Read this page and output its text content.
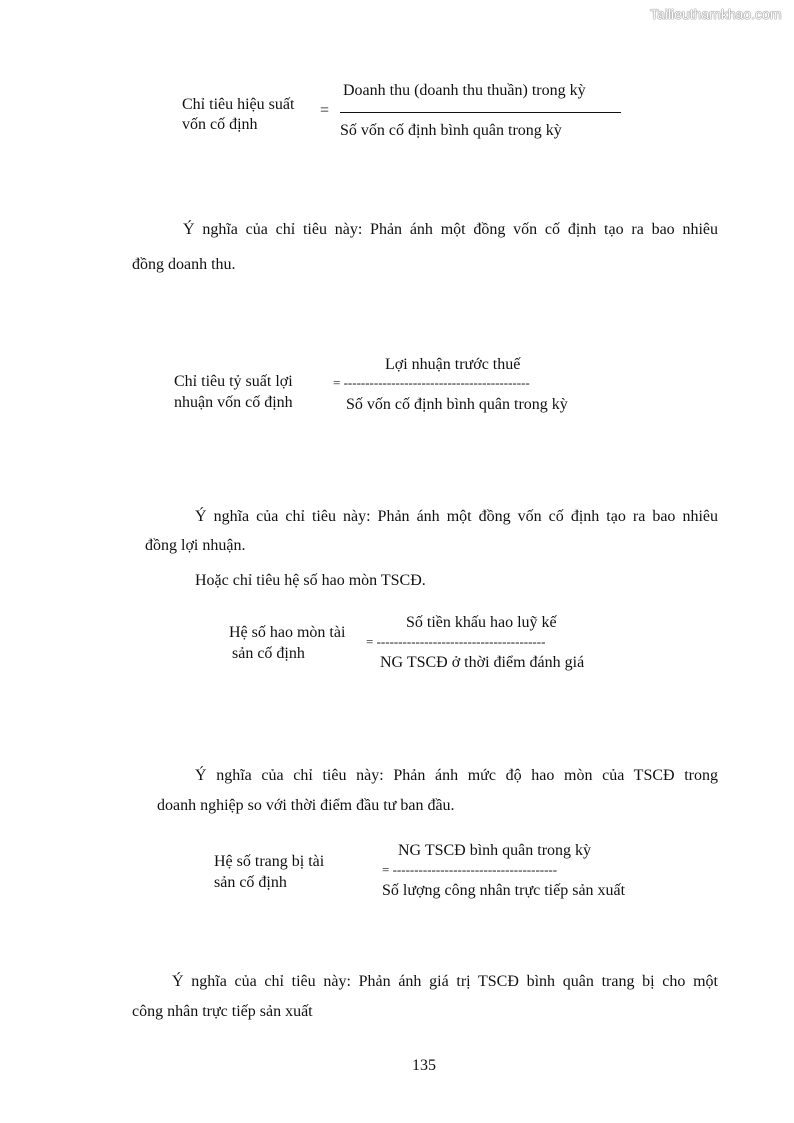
Tailieuthamkhao.com
Chỉ tiêu hiệu suất
vốn cố định
=
Doanh thu (doanh thu thuần) trong kỳ
Số vốn cố định bình quân trong kỳ
Ý nghĩa của chỉ tiêu này: Phản ánh một đồng vốn cố định tạo ra bao nhiêu
đồng doanh thu.
Chỉ tiêu tỷ suất lợi
nhuận vốn cố định
Lợi nhuận trước thuế
= -------------------------------------------
Số vốn cố định bình quân trong kỳ
Ý nghĩa của chỉ tiêu này: Phản ánh một đồng vốn cố định tạo ra bao nhiêu
đồng lợi nhuận.
Hoặc chỉ tiêu hệ số hao mòn TSCĐ.
Hệ số hao mòn tài
sản cố định
Số tiền khấu hao luỹ kế
= ---------------------------------------
NG TSCĐ ở thời điểm đánh giá
Ý nghĩa của chỉ tiêu này: Phản ánh mức độ hao mòn của TSCĐ trong
doanh nghiệp so với thời điểm đầu tư ban đầu.
Hệ số trang bị tài
sản cố định
NG TSCĐ bình quân trong kỳ
= --------------------------------------
Số lượng công nhân trực tiếp sản xuất
Ý nghĩa của chỉ tiêu này: Phản ánh giá trị TSCĐ bình quân trang bị cho một
công nhân trực tiếp sản xuất
135
